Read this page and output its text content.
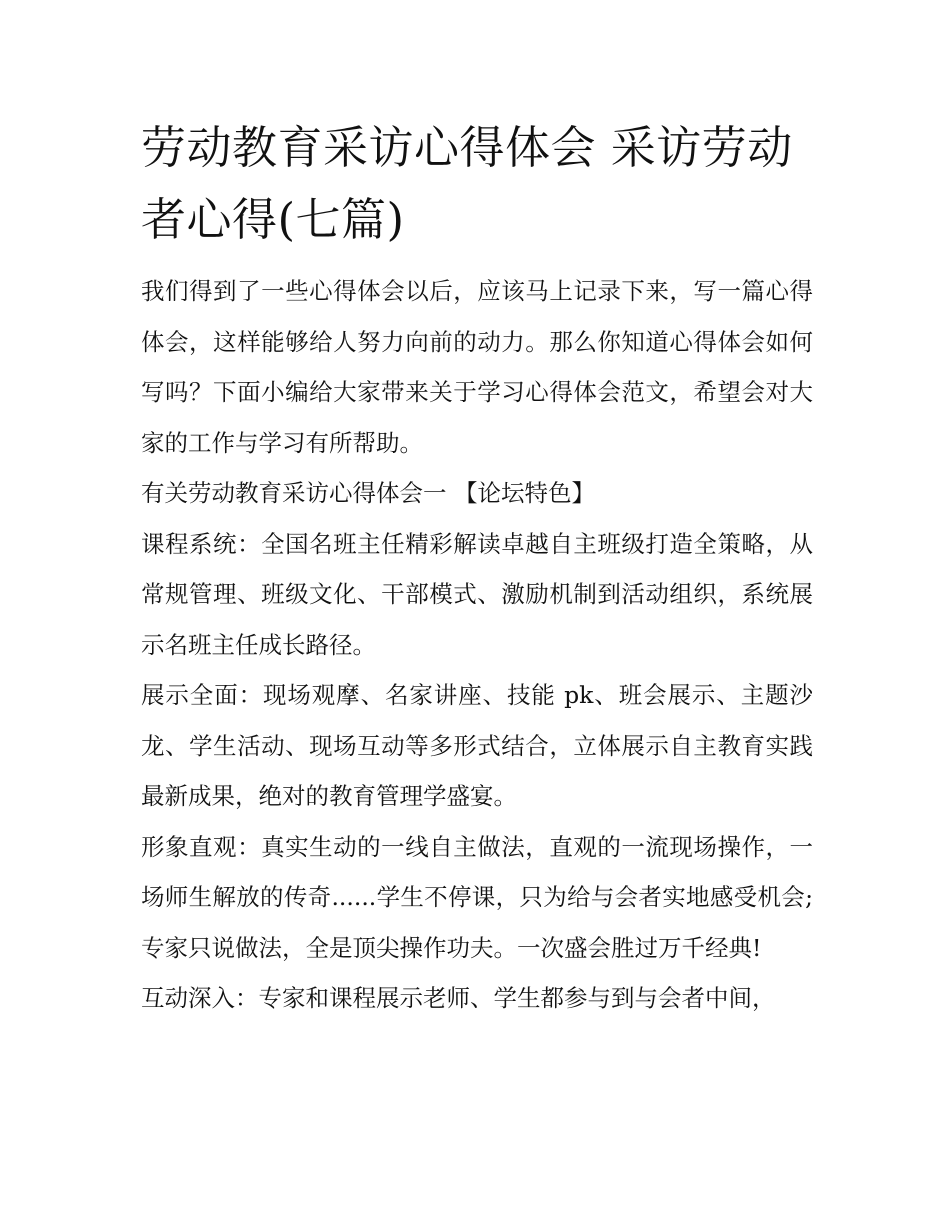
劳动教育采访心得体会 采访劳动者心得(七篇)

我们得到了一些心得体会以后，应该马上记录下来，写一篇心得体会，这样能够给人努力向前的动力。那么你知道心得体会如何写吗？下面小编给大家带来关于学习心得体会范文，希望会对大家的工作与学习有所帮助。

有关劳动教育采访心得体会一 【论坛特色】

课程系统：全国名班主任精彩解读卓越自主班级打造全策略，从常规管理、班级文化、干部模式、激励机制到活动组织，系统展示名班主任成长路径。

展示全面：现场观摩、名家讲座、技能 pk、班会展示、主题沙龙、学生活动、现场互动等多形式结合，立体展示自主教育实践最新成果，绝对的教育管理学盛宴。

形象直观：真实生动的一线自主做法，直观的一流现场操作，一场师生解放的传奇......学生不停课，只为给与会者实地感受机会;专家只说做法，全是顶尖操作功夫。一次盛会胜过万千经典!

互动深入：专家和课程展示老师、学生都参与到与会者中间，
